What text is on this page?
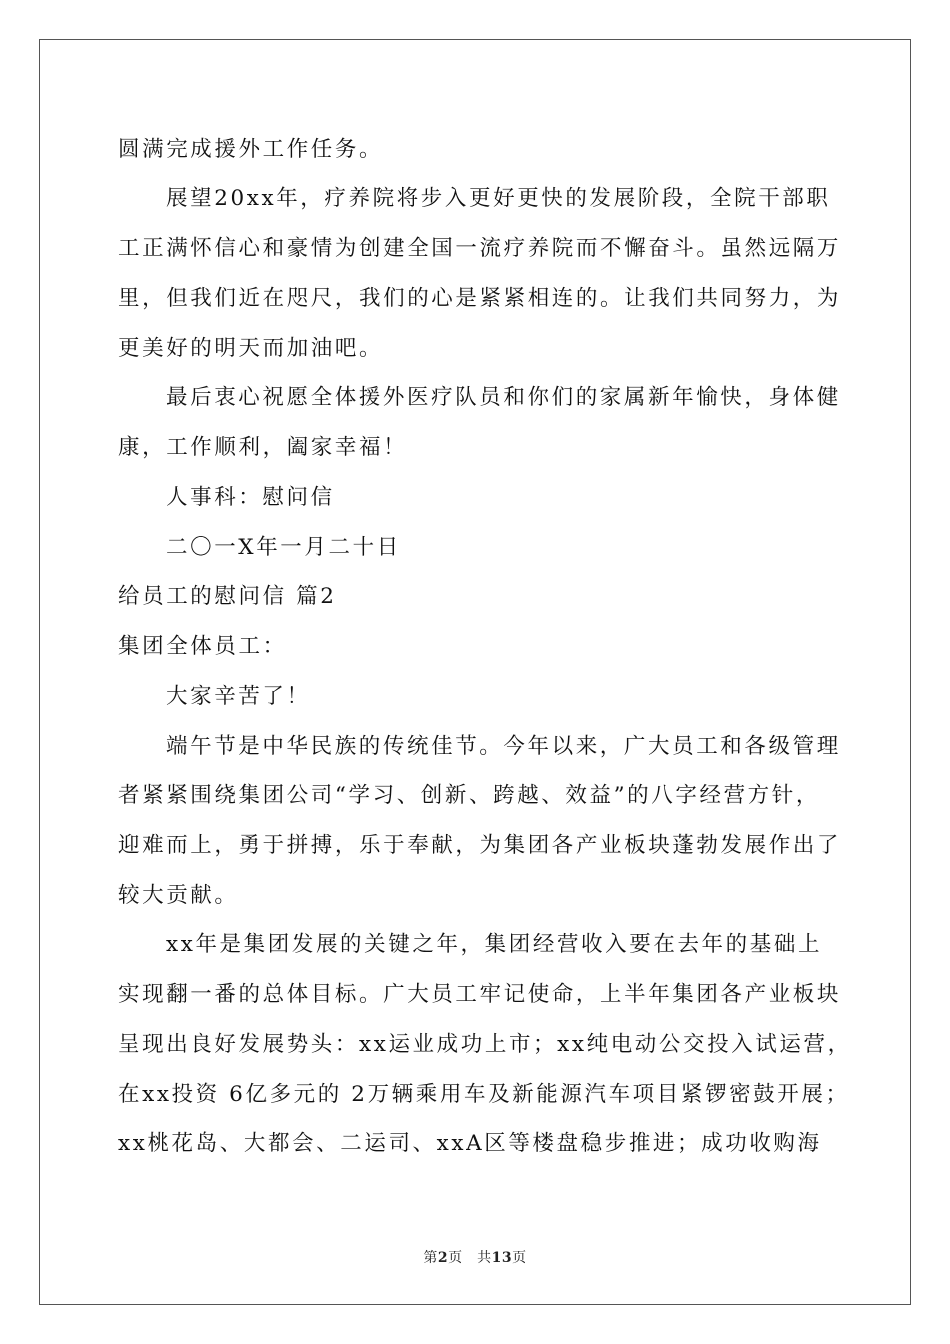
圆满完成援外工作任务。
展望20xx年，疗养院将步入更好更快的发展阶段，全院干部职
工正满怀信心和豪情为创建全国一流疗养院而不懈奋斗。虽然远隔万
里，但我们近在咫尺，我们的心是紧紧相连的。让我们共同努力，为
更美好的明天而加油吧。
最后衷心祝愿全体援外医疗队员和你们的家属新年愉快，身体健
康，工作顺利，阖家幸福！
人事科：慰问信
二〇一X年一月二十日
给员工的慰问信 篇2
集团全体员工：
大家辛苦了！
端午节是中华民族的传统佳节。今年以来，广大员工和各级管理
者紧紧围绕集团公司“学习、创新、跨越、效益”的八字经营方针，
迎难而上，勇于拼搏，乐于奉献，为集团各产业板块蓬勃发展作出了
较大贡献。
xx年是集团发展的关键之年，集团经营收入要在去年的基础上
实现翻一番的总体目标。广大员工牢记使命，上半年集团各产业板块
呈现出良好发展势头：xx运业成功上市；xx纯电动公交投入试运营，
在xx投资 6亿多元的 2万辆乘用车及新能源汽车项目紧锣密鼓开展；
xx桃花岛、大都会、二运司、xxA区等楼盘稳步推进；成功收购海
第2页　共13页
